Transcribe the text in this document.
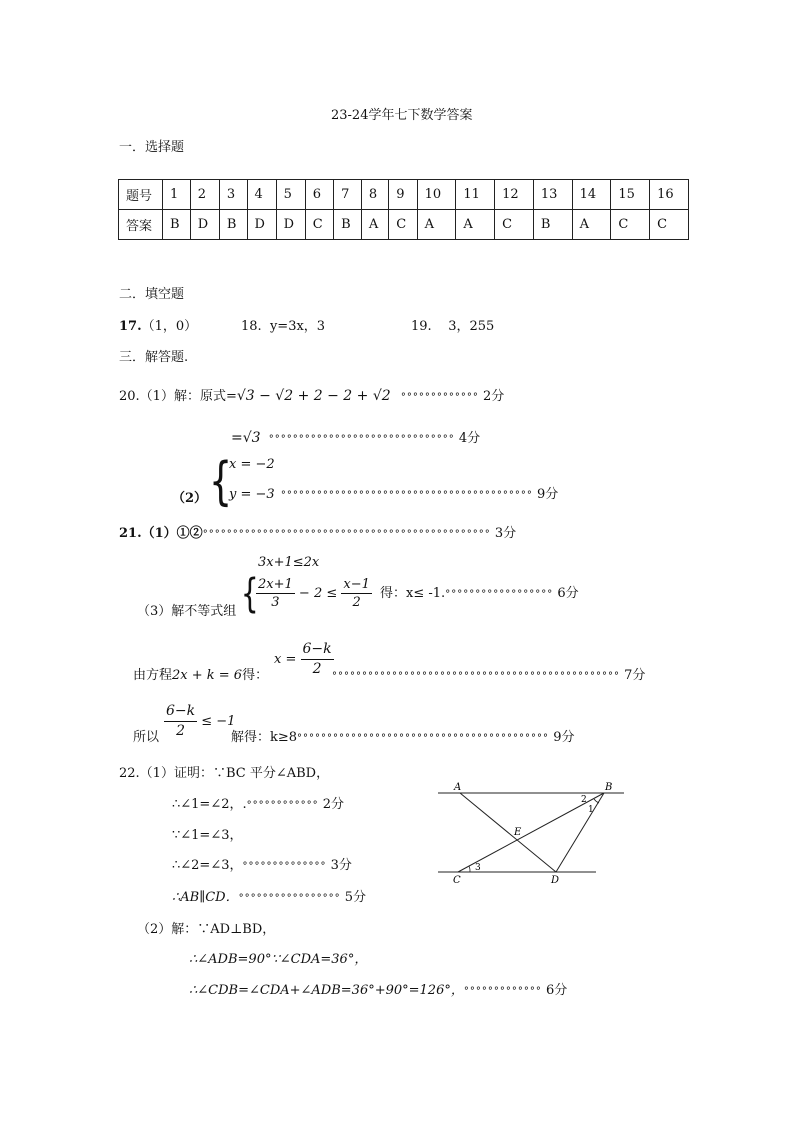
23-24学年七下数学答案
一．选择题
题号	1	2	3	4	5	6	7	8	9	10	11	12	13	14	15	16
答案	B	D	B	D	D	C	B	A	C	A	A	C	B	A	C	C
二．填空题
17.（1，0）	18. y=3x，3	19. 3，255
三．解答题.
20.（1）解：原式=√3 − √2 + 2 − 2 + √2 °°°°°°°°°°°°° 2分
=√3 °°°°°°°°°°°°°°°°°°°°°°°°°°°°°°° 4分
（2） {
x = −2
y = −3 °°°°°°°°°°°°°°°°°°°°°°°°°°°°°°°°°°°°°°°°°° 9分
21.（1）①②°°°°°°°°°°°°°°°°°°°°°°°°°°°°°°°°°°°°°°°°°°°°°°°° 3分
3x+1≤2x
（3）解不等式组 {
$\frac{2x+1}{3} - 2 \le \frac{x-1}{2}$ 得：x≤ -1.°°°°°°°°°°°°°°°°°° 6分
由方程2x + k = 6得：
$x = \frac{6-k}{2}$
°°°°°°°°°°°°°°°°°°°°°°°°°°°°°°°°°°°°°°°°°°°°°°°° 7分
所以 $\frac{6-k}{2} \le -1$
解得：k≥8°°°°°°°°°°°°°°°°°°°°°°°°°°°°°°°°°°°°°°°°°° 9分
22.（1）证明：∵BC 平分∠ABD，
∴∠1=∠2，.°°°°°°°°°°°° 2分
∵∠1=∠3，
∴∠2=∠3，°°°°°°°°°°°°°° 3分
∴AB∥CD．°°°°°°°°°°°°°°°°° 5分
（2）解：∵AD⊥BD，
∴∠ADB=90°∵∠CDA=36°，
∴∠CDB=∠CDA+∠ADB=36°+90°=126°，°°°°°°°°°°°°° 6分
A	B
C	D
E
1
2
3
